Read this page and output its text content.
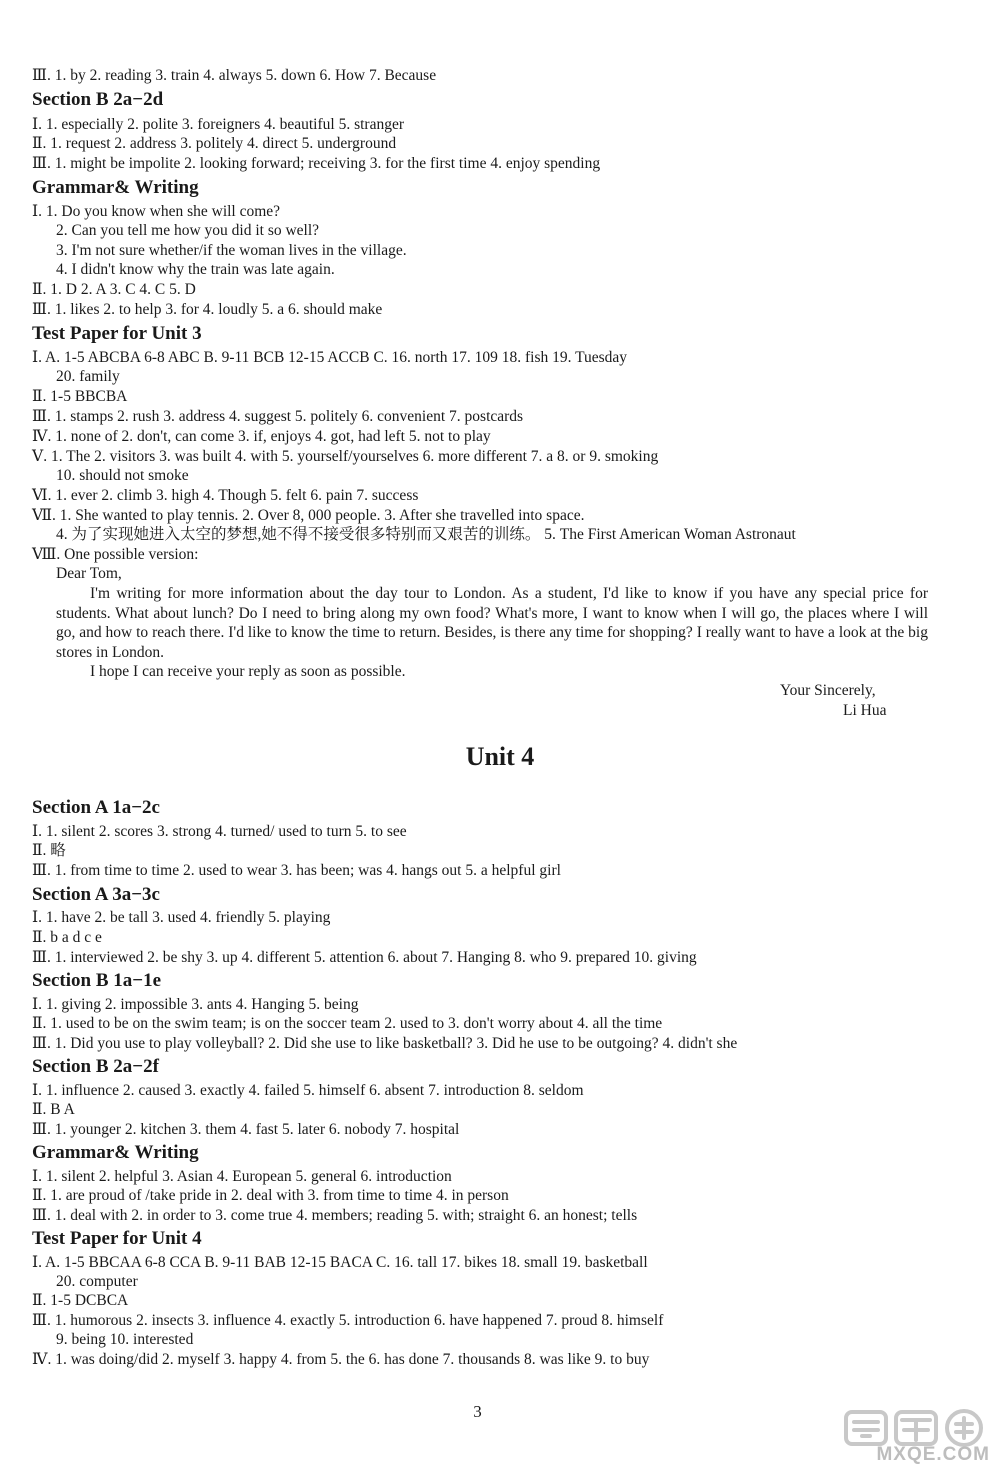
Ⅲ. 1. by 2. reading 3. train 4. always 5. down 6. How 7. Because
Section B 2a−2d
Ⅰ. 1. especially 2. polite 3. foreigners 4. beautiful 5. stranger
Ⅱ. 1. request 2. address 3. politely 4. direct 5. underground
Ⅲ. 1. might be impolite 2. looking forward; receiving 3. for the first time 4. enjoy spending
Grammar& Writing
Ⅰ. 1. Do you know when she will come?
2. Can you tell me how you did it so well?
3. I'm not sure whether/if the woman lives in the village.
4. I didn't know why the train was late again.
Ⅱ. 1. D 2. A 3. C 4. C 5. D
Ⅲ. 1. likes 2. to help 3. for 4. loudly 5. a 6. should make
Test Paper for Unit 3
Ⅰ. A. 1-5 ABCBA 6-8 ABC B. 9-11 BCB 12-15 ACCB C. 16. north 17. 109 18. fish 19. Tuesday
20. family
Ⅱ. 1-5 BBCBA
Ⅲ. 1. stamps 2. rush 3. address 4. suggest 5. politely 6. convenient 7. postcards
Ⅳ. 1. none of 2. don't, can come 3. if, enjoys 4. got, had left 5. not to play
Ⅴ. 1. The 2. visitors 3. was built 4. with 5. yourself/yourselves 6. more different 7. a 8. or 9. smoking
10. should not smoke
Ⅵ. 1. ever 2. climb 3. high 4. Though 5. felt 6. pain 7. success
Ⅶ. 1. She wanted to play tennis. 2. Over 8, 000 people. 3. After she travelled into space.
4. 为了实现她进入太空的梦想,她不得不接受很多特别而又艰苦的训练。 5. The First American Woman Astronaut
Ⅷ. One possible version:
Dear Tom,
I'm writing for more information about the day tour to London. As a student, I'd like to know if you have any special price for students. What about lunch? Do I need to bring along my own food? What's more, I want to know when I will go, the places where I will go, and how to reach there. I'd like to know the time to return. Besides, is there any time for shopping? I really want to have a look at the big stores in London.
I hope I can receive your reply as soon as possible.
Your Sincerely,
Li Hua
Unit 4
Section A 1a−2c
Ⅰ. 1. silent 2. scores 3. strong 4. turned/ used to turn 5. to see
Ⅱ. 略
Ⅲ. 1. from time to time 2. used to wear 3. has been; was 4. hangs out 5. a helpful girl
Section A 3a−3c
Ⅰ. 1. have 2. be tall 3. used 4. friendly 5. playing
Ⅱ. b a d c e
Ⅲ. 1. interviewed 2. be shy 3. up 4. different 5. attention 6. about 7. Hanging 8. who 9. prepared 10. giving
Section B 1a−1e
Ⅰ. 1. giving 2. impossible 3. ants 4. Hanging 5. being
Ⅱ. 1. used to be on the swim team; is on the soccer team 2. used to 3. don't worry about 4. all the time
Ⅲ. 1. Did you use to play volleyball? 2. Did she use to like basketball? 3. Did he use to be outgoing? 4. didn't she
Section B 2a−2f
Ⅰ. 1. influence 2. caused 3. exactly 4. failed 5. himself 6. absent 7. introduction 8. seldom
Ⅱ. B A
Ⅲ. 1. younger 2. kitchen 3. them 4. fast 5. later 6. nobody 7. hospital
Grammar& Writing
Ⅰ. 1. silent 2. helpful 3. Asian 4. European 5. general 6. introduction
Ⅱ. 1. are proud of /take pride in 2. deal with 3. from time to time 4. in person
Ⅲ. 1. deal with 2. in order to 3. come true 4. members; reading 5. with; straight 6. an honest; tells
Test Paper for Unit 4
Ⅰ. A. 1-5 BBCAA 6-8 CCA B. 9-11 BAB 12-15 BACA C. 16. tall 17. bikes 18. small 19. basketball
20. computer
Ⅱ. 1-5 DCBCA
Ⅲ. 1. humorous 2. insects 3. influence 4. exactly 5. introduction 6. have happened 7. proud 8. himself
9. being 10. interested
Ⅳ. 1. was doing/did 2. myself 3. happy 4. from 5. the 6. has done 7. thousands 8. was like 9. to buy
3
MXQE.COM
